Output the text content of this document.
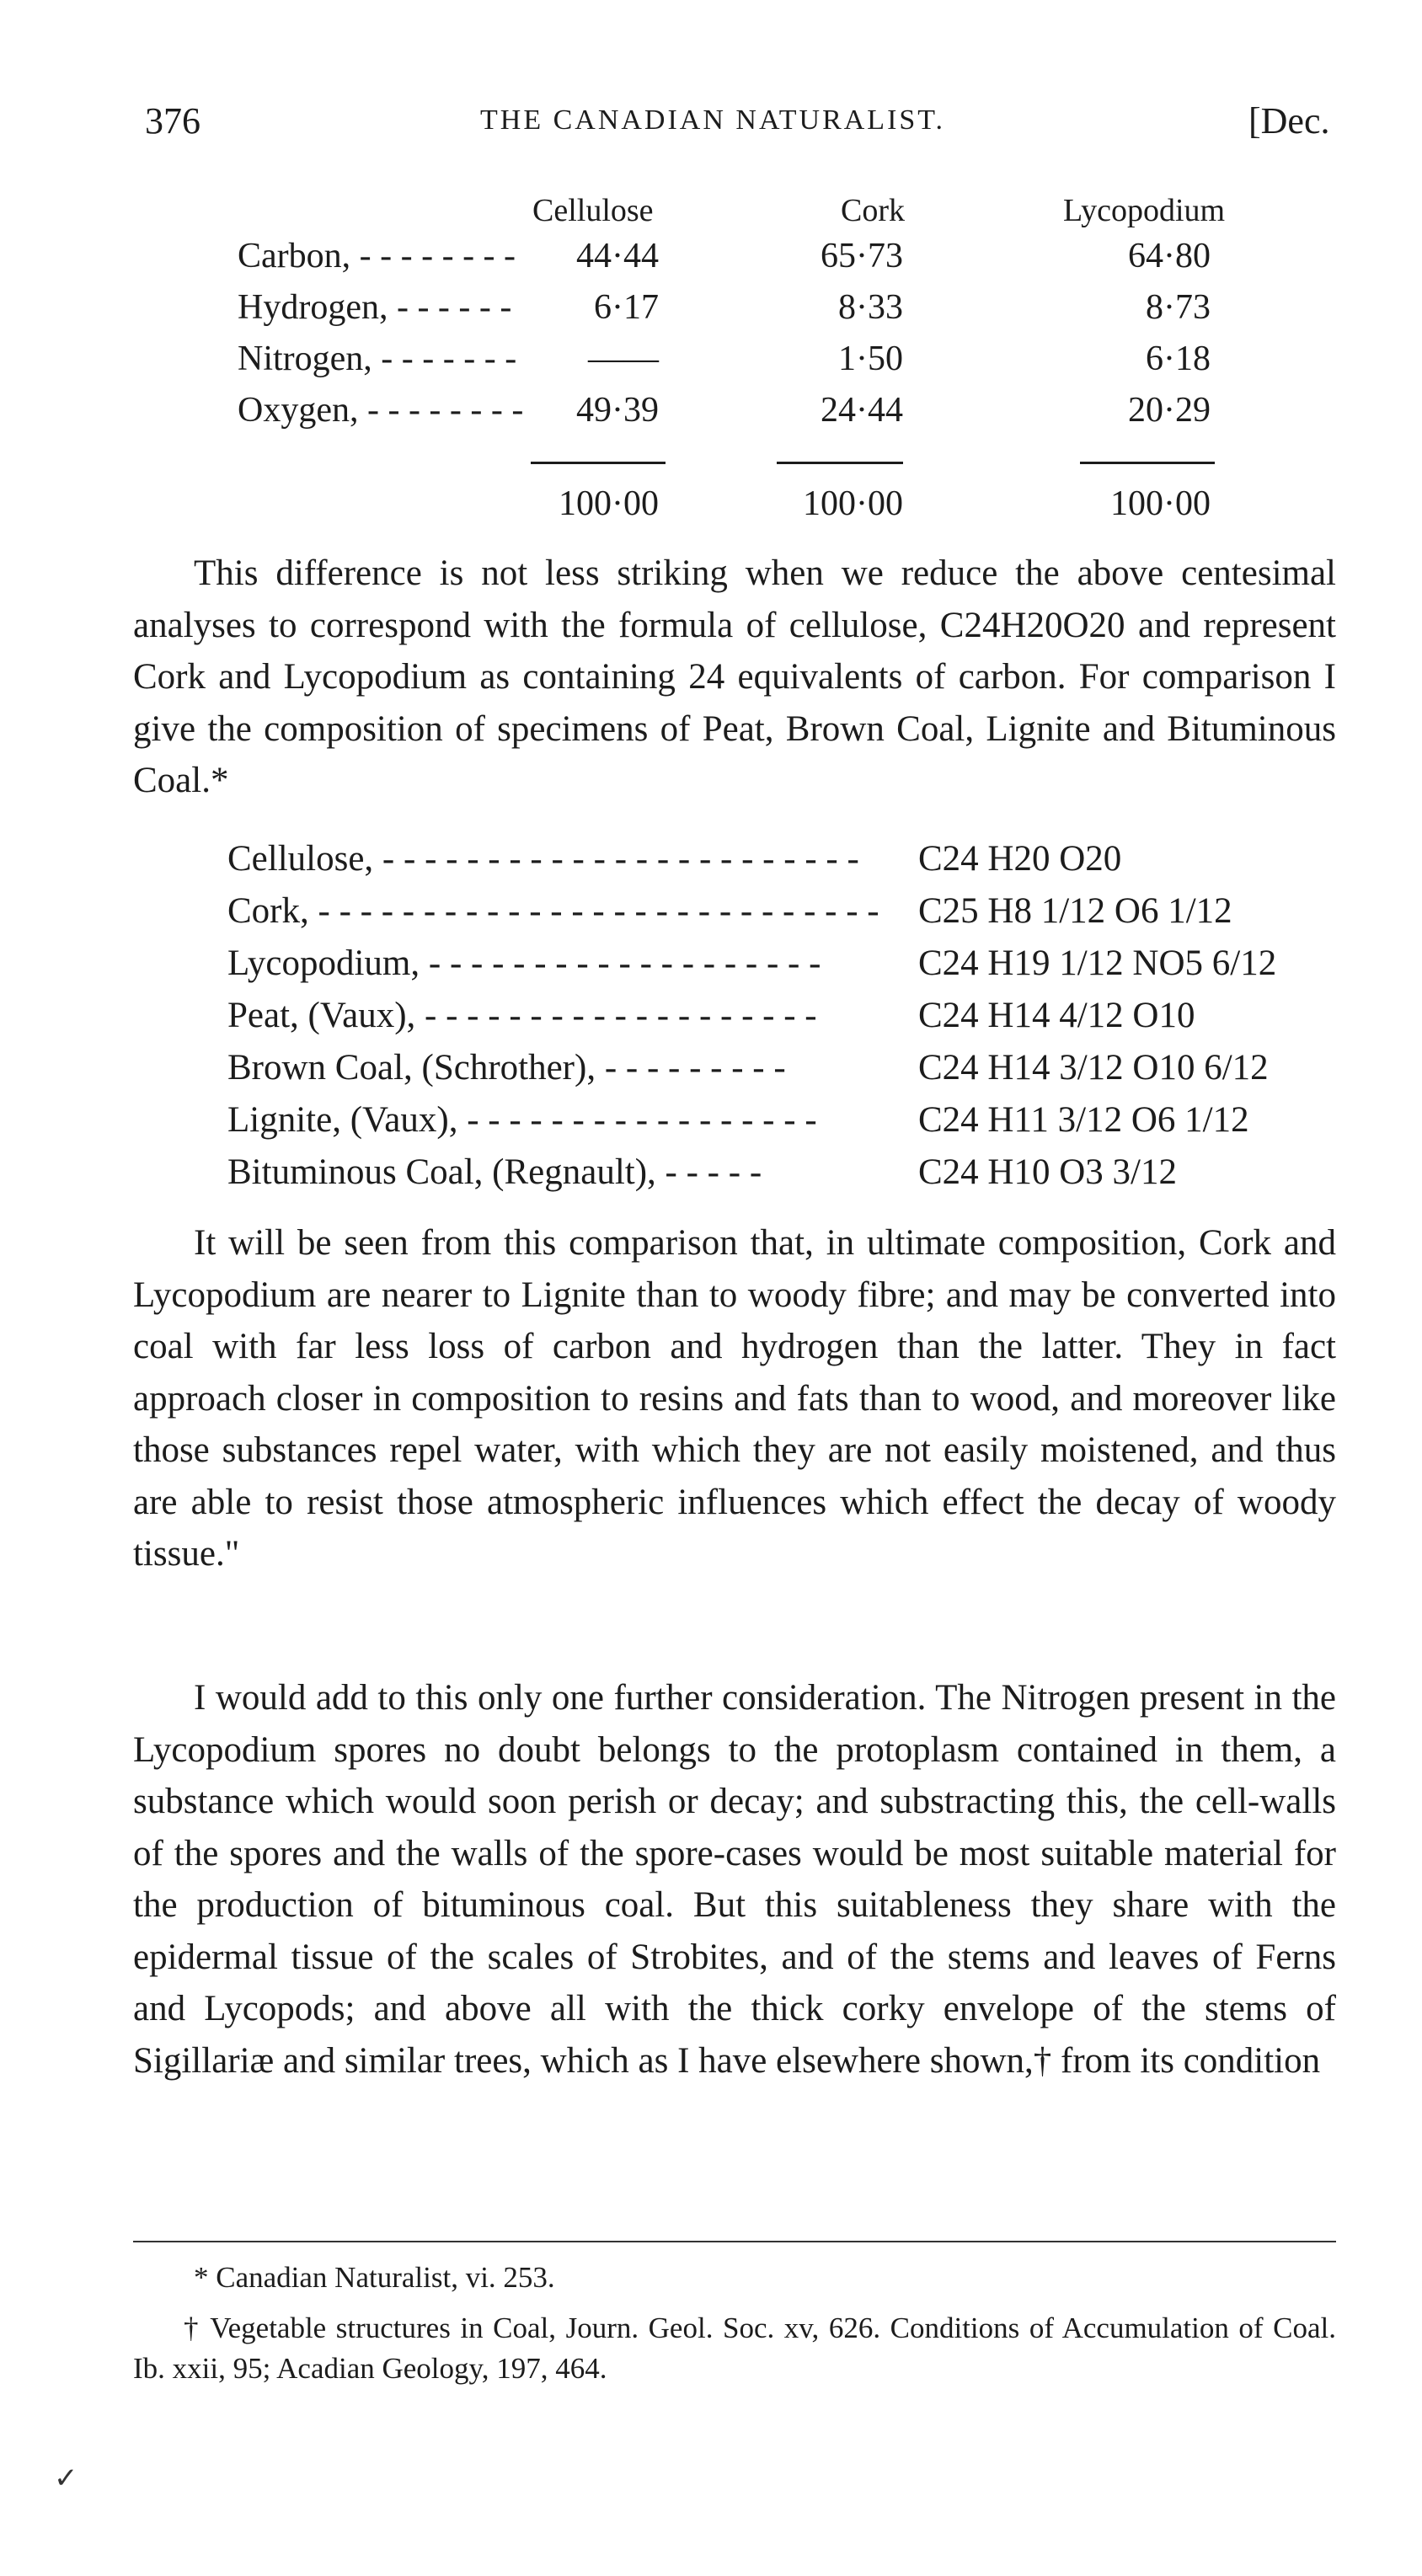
376	THE CANADIAN NATURALIST.	[Dec.
Cellulose	Cork	Lycopodium
Carbon, - - - - - - - -	44·44	65·73	64·80
Hydrogen, - - - - - -	6·17	8·33	8·73
Nitrogen, - - - - - - -	——	1·50	6·18
Oxygen, - - - - - - - -	49·39	24·44	20·29
100·00	100·00	100·00

This difference is not less striking when we reduce the above centesimal analyses to correspond with the formula of cellulose, C24H20O20 and represent Cork and Lycopodium as containing 24 equivalents of carbon. For comparison I give the composition of specimens of Peat, Brown Coal, Lignite and Bituminous Coal.*

Cellulose, - - - - - - - - - - - - - - - - - - - - - - - C24 H20 O20
Cork, - - - - - - - - - - - - - - - - - - - - - - - - - - - C25 H8 1/12 O6 1/12
Lycopodium, - - - - - - - - - - - - - - - - - - -	C24 H19 1/12 NO5 6/12
Peat, (Vaux), - - - - - - - - - - - - - - - - - - -	C24 H14 4/12 O10
Brown Coal, (Schrother), - - - - - - - - -	C24 H14 3/12 O10 6/12
Lignite, (Vaux), - - - - - - - - - - - - - - - - -	C24 H11 3/12 O6 1/12
Bituminous Coal, (Regnault), - - - - -	C24 H10 O3 3/12

It will be seen from this comparison that, in ultimate composition, Cork and Lycopodium are nearer to Lignite than to woody fibre; and may be converted into coal with far less loss of carbon and hydrogen than the latter. They in fact approach closer in composition to resins and fats than to wood, and moreover like those substances repel water, with which they are not easily moistened, and thus are able to resist those atmospheric influences which effect the decay of woody tissue."

I would add to this only one further consideration. The Nitrogen present in the Lycopodium spores no doubt belongs to the protoplasm contained in them, a substance which would soon perish or decay; and substracting this, the cell-walls of the spores and the walls of the spore-cases would be most suitable material for the production of bituminous coal. But this suitableness they share with the epidermal tissue of the scales of Strobites, and of the stems and leaves of Ferns and Lycopods; and above all with the thick corky envelope of the stems of Sigillariæ and similar trees, which as I have elsewhere shown,† from its condition

* Canadian Naturalist, vi. 253.
† Vegetable structures in Coal, Journ. Geol. Soc. xv, 626. Conditions of Accumulation of Coal. Ib. xxii, 95; Acadian Geology, 197, 464.
✓
